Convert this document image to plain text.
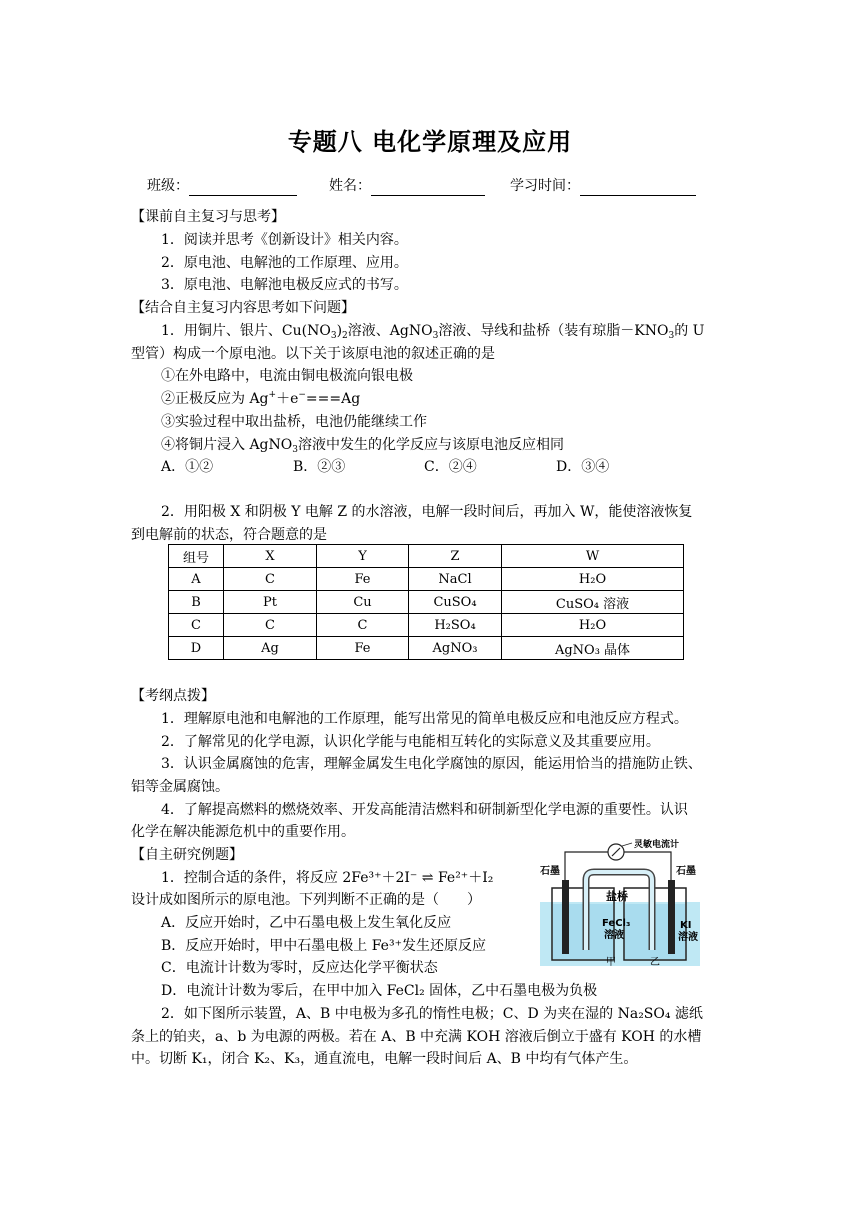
专题八 电化学原理及应用
班级：	姓名：	学习时间：
【课前自主复习与思考】
1．阅读并思考《创新设计》相关内容。
2．原电池、电解池的工作原理、应用。
3．原电池、电解池电极反应式的书写。
【结合自主复习内容思考如下问题】
1．用铜片、银片、$Cu(NO_3)_2$溶液、AgNO$_3$溶液、导线和盐桥（装有琼脂$-KNO_3$的 U
型管）构成一个原电池。以下关于该原电池的叙述正确的是
①在外电路中，电流由铜电极流向银电极
②正极反应为 Ag+＋e−===Ag
③实验过程中取出盐桥，电池仍能继续工作
④将铜片浸入 AgNO$_3$溶液中发生的化学反应与该原电池反应相同
A．①②	B．②③	C．②④	D．③④
2．用阳极 X 和阴极 Y 电解 Z 的水溶液，电解一段时间后，再加入 W，能使溶液恢复
到电解前的状态，符合题意的是
组号	X	Y	Z	W
A	C	Fe	NaCl	H₂O
B	Pt	Cu	CuSO₄	CuSO₄ 溶液
C	C	C	H₂SO₄	H₂O
D	Ag	Fe	AgNO₃	AgNO₃ 晶体
【考纲点拨】
1．理解原电池和电解池的工作原理，能写出常见的简单电极反应和电池反应方程式。
2．了解常见的化学电源，认识化学能与电能相互转化的实际意义及其重要应用。
3．认识金属腐蚀的危害，理解金属发生电化学腐蚀的原因，能运用恰当的措施防止铁、
铝等金属腐蚀。
4．了解提高燃料的燃烧效率、开发高能清洁燃料和研制新型化学电源的重要性。认识
化学在解决能源危机中的重要作用。
【自主研究例题】
1．控制合适的条件，将反应 2Fe³⁺＋2I⁻ ⇌ Fe²⁺＋I₂
设计成如图所示的原电池。下列判断不正确的是（　　）
A．反应开始时，乙中石墨电极上发生氧化反应
B．反应开始时，甲中石墨电极上 Fe³⁺发生还原反应
C．电流计计数为零时，反应达化学平衡状态
D．电流计计数为零后，在甲中加入 FeCl₂ 固体，乙中石墨电极为负极
2．如下图所示装置，A、B 中电极为多孔的惰性电极；C、D 为夹在湿的 Na₂SO₄ 滤纸
条上的铂夹，a、b 为电源的两极。若在 A、B 中充满 KOH 溶液后倒立于盛有 KOH 的水槽
中。切断 K₁，闭合 K₂、K₃，通直流电，电解一段时间后 A、B 中均有气体产生。
灵敏电流计
石墨	石墨
盐桥
FeCl₃
溶液
KI
溶液
甲	乙
